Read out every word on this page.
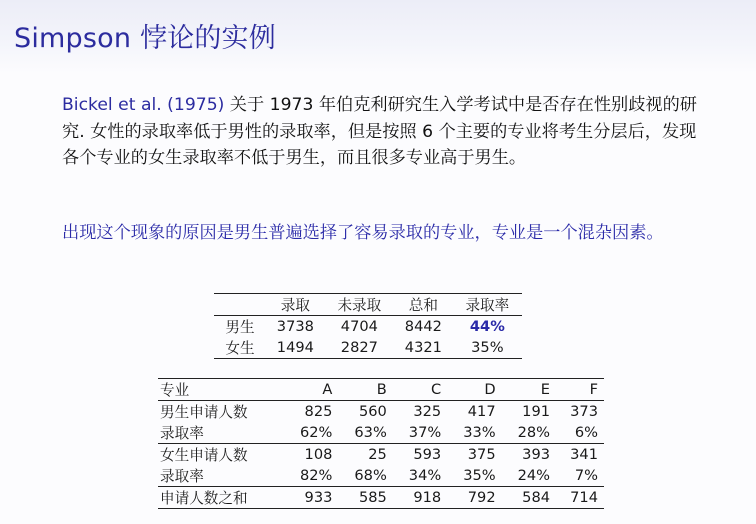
Simpson 悖论的实例
Bickel et al. (1975) 关于 1973 年伯克利研究生入学考试中是否存在性别歧视的研究. 女性的录取率低于男性的录取率，但是按照 6 个主要的专业将考生分层后，发现各个专业的女生录取率不低于男生，而且很多专业高于男生。
出现这个现象的原因是男生普遍选择了容易录取的专业，专业是一个混杂因素。
	录取	未录取	总和	录取率
男生	3738	4704	8442	44%
女生	1494	2827	4321	35%
专业	A	B	C	D	E	F
男生申请人数	825	560	325	417	191	373
录取率	62%	63%	37%	33%	28%	6%
女生申请人数	108	25	593	375	393	341
录取率	82%	68%	34%	35%	24%	7%
申请人数之和	933	585	918	792	584	714
